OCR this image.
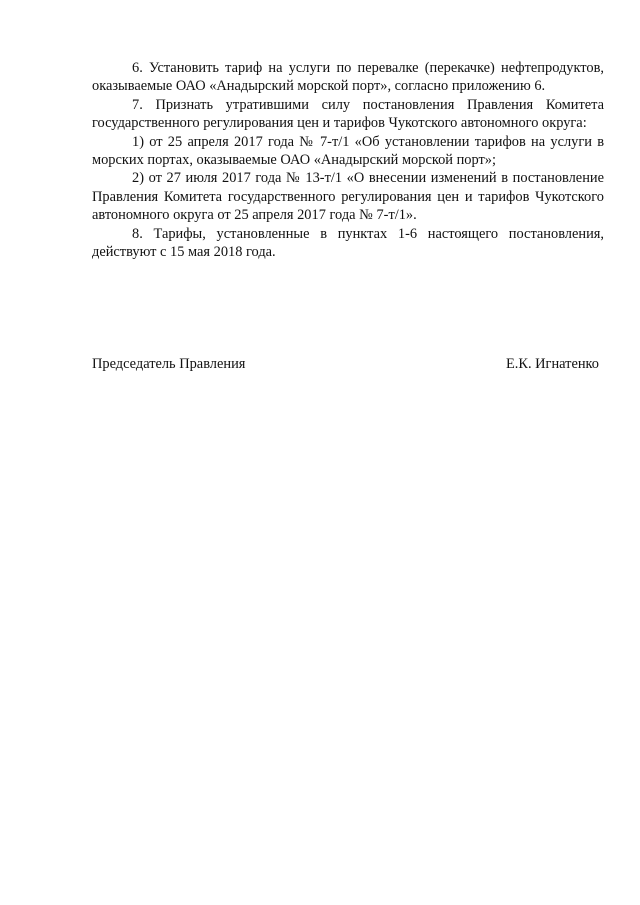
6. Установить тариф на услуги по перевалке (перекачке) нефтепродуктов, оказываемые ОАО «Анадырский морской порт», согласно приложению 6.

7. Признать утратившими силу постановления Правления Комитета государственного регулирования цен и тарифов Чукотского автономного округа:

1) от 25 апреля 2017 года № 7-т/1 «Об установлении тарифов на услуги в морских портах, оказываемые ОАО «Анадырский морской порт»;

2) от 27 июля 2017 года № 13-т/1 «О внесении изменений в постановление Правления Комитета государственного регулирования цен и тарифов Чукотского автономного округа от 25 апреля 2017 года № 7-т/1».

8. Тарифы, установленные в пунктах 1-6 настоящего постановления, действуют с 15 мая 2018 года.

Председатель Правления	Е.К. Игнатенко
